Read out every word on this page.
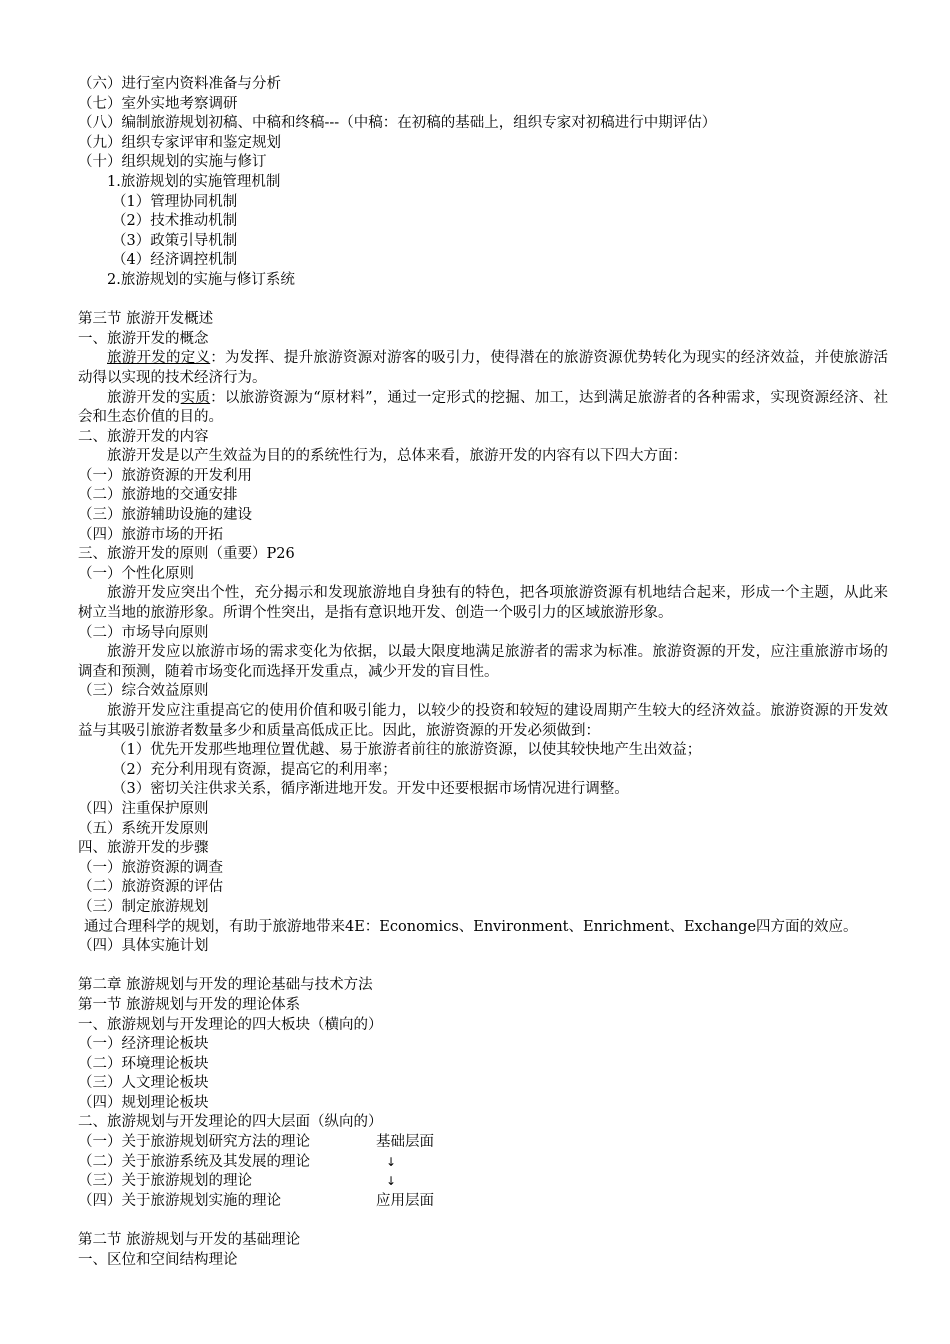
（六）进行室内资料准备与分析
（七）室外实地考察调研
（八）编制旅游规划初稿、中稿和终稿---（中稿：在初稿的基础上，组织专家对初稿进行中期评估）
（九）组织专家评审和鉴定规划
（十）组织规划的实施与修订
1.旅游规划的实施管理机制
（1）管理协同机制
（2）技术推动机制
（3）政策引导机制
（4）经济调控机制
2.旅游规划的实施与修订系统
第三节 旅游开发概述
一、旅游开发的概念

旅游开发的定义：为发挥、提升旅游资源对游客的吸引力，使得潜在的旅游资源优势转化为现实的经济效益，并使旅游活动得以实现的技术经济行为。

旅游开发的实质：以旅游资源为“原材料”，通过一定形式的挖掘、加工，达到满足旅游者的各种需求，实现资源经济、社会和生态价值的目的。

二、旅游开发的内容
旅游开发是以产生效益为目的的系统性行为，总体来看，旅游开发的内容有以下四大方面：
（一）旅游资源的开发利用
（二）旅游地的交通安排
（三）旅游辅助设施的建设
（四）旅游市场的开拓
三、旅游开发的原则（重要）P26
（一）个性化原则

旅游开发应突出个性，充分揭示和发现旅游地自身独有的特色，把各项旅游资源有机地结合起来，形成一个主题，从此来树立当地的旅游形象。所谓个性突出，是指有意识地开发、创造一个吸引力的区域旅游形象。

（二）市场导向原则

旅游开发应以旅游市场的需求变化为依据，以最大限度地满足旅游者的需求为标准。旅游资源的开发，应注重旅游市场的调查和预测，随着市场变化而选择开发重点，减少开发的盲目性。

（三）综合效益原则

旅游开发应注重提高它的使用价值和吸引能力，以较少的投资和较短的建设周期产生较大的经济效益。旅游资源的开发效益与其吸引旅游者数量多少和质量高低成正比。因此，旅游资源的开发必须做到：

（1）优先开发那些地理位置优越、易于旅游者前往的旅游资源，以使其较快地产生出效益；
（2）充分利用现有资源，提高它的利用率；
（3）密切关注供求关系，循序渐进地开发。开发中还要根据市场情况进行调整。
（四）注重保护原则
（五）系统开发原则
四、旅游开发的步骤
（一）旅游资源的调查
（二）旅游资源的评估
（三）制定旅游规划
通过合理科学的规划，有助于旅游地带来4E：Economics、Environment、Enrichment、Exchange四方面的效应。
（四）具体实施计划
第二章 旅游规划与开发的理论基础与技术方法
第一节 旅游规划与开发的理论体系
一、旅游规划与开发理论的四大板块（横向的）
（一）经济理论板块
（二）环境理论板块
（三）人文理论板块
（四）规划理论板块
二、旅游规划与开发理论的四大层面（纵向的）
（一）关于旅游规划研究方法的理论	基础层面
（二）关于旅游系统及其发展的理论	↓
（三）关于旅游规划的理论	↓
（四）关于旅游规划实施的理论	应用层面
第二节 旅游规划与开发的基础理论
一、区位和空间结构理论
